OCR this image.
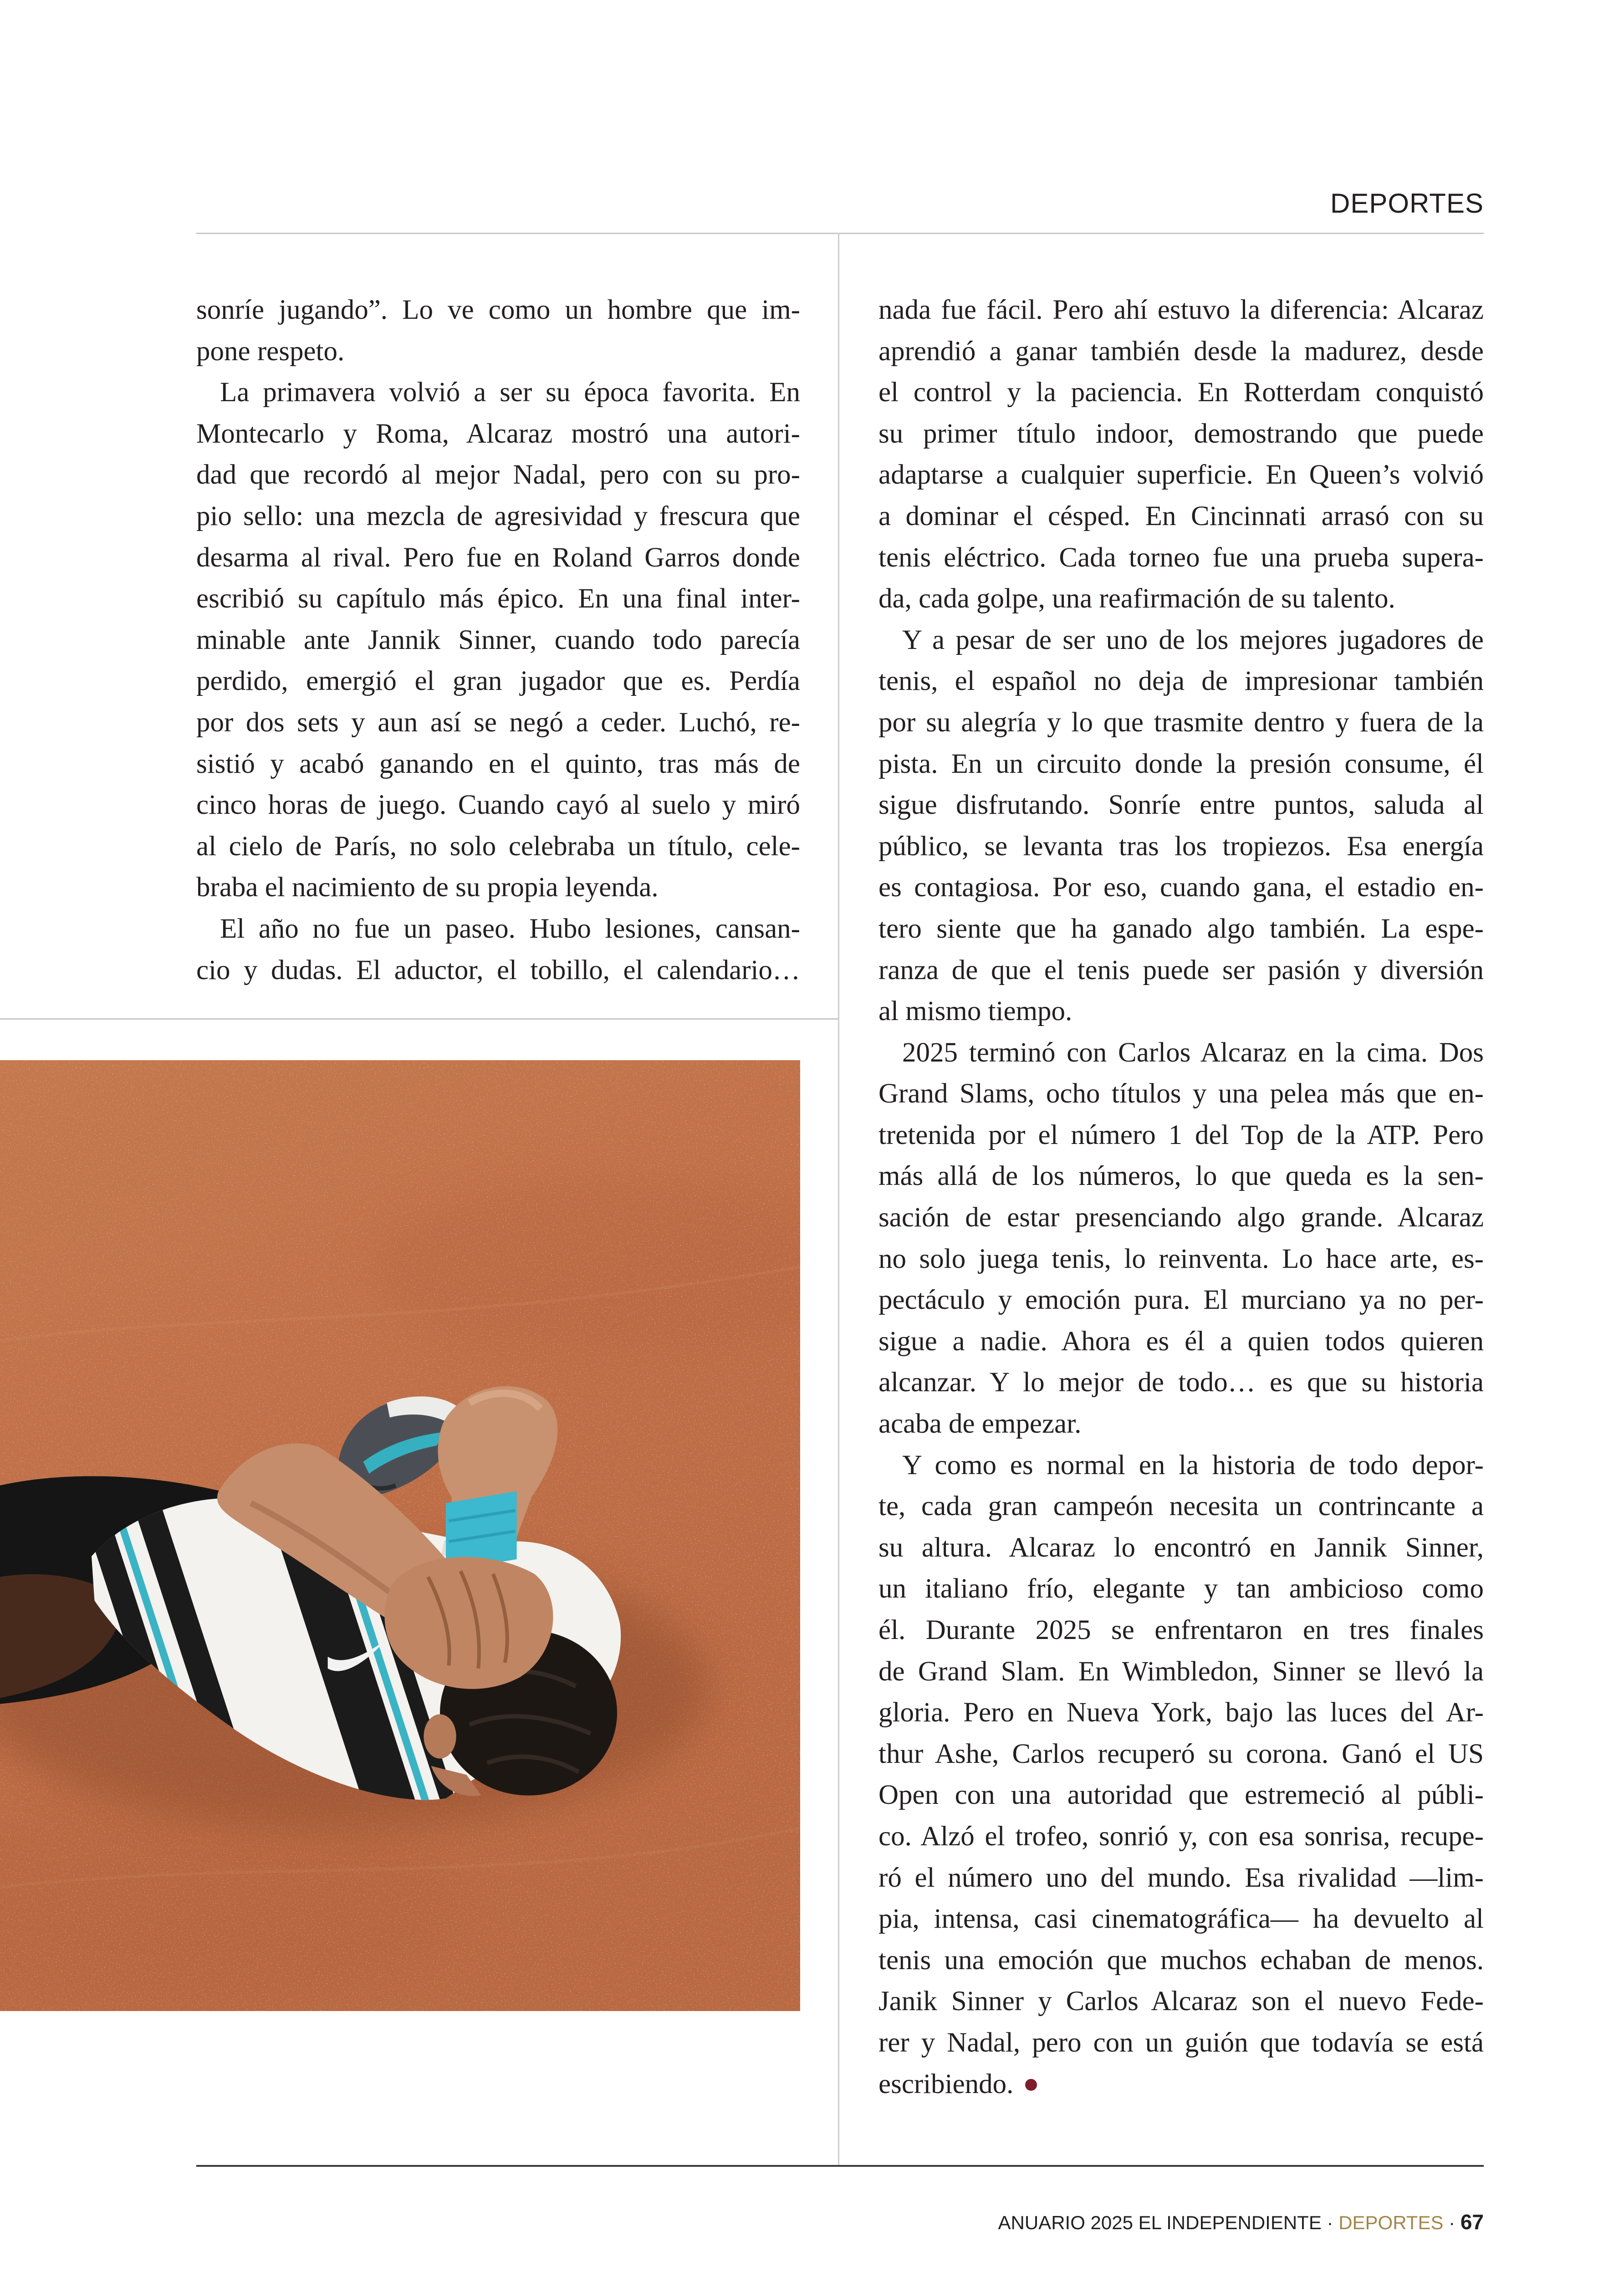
DEPORTES
sonríe jugando”. Lo ve como un hombre que im-
pone respeto.
La primavera volvió a ser su época favorita. En
Montecarlo y Roma, Alcaraz mostró una autori-
dad que recordó al mejor Nadal, pero con su pro-
pio sello: una mezcla de agresividad y frescura que
desarma al rival. Pero fue en Roland Garros donde
escribió su capítulo más épico. En una final inter-
minable ante Jannik Sinner, cuando todo parecía
perdido, emergió el gran jugador que es. Perdía
por dos sets y aun así se negó a ceder. Luchó, re-
sistió y acabó ganando en el quinto, tras más de
cinco horas de juego. Cuando cayó al suelo y miró
al cielo de París, no solo celebraba un título, cele-
braba el nacimiento de su propia leyenda.
El año no fue un paseo. Hubo lesiones, cansan-
cio y dudas. El aductor, el tobillo, el calendario…
nada fue fácil. Pero ahí estuvo la diferencia: Alcaraz
aprendió a ganar también desde la madurez, desde
el control y la paciencia. En Rotterdam conquistó
su primer título indoor, demostrando que puede
adaptarse a cualquier superficie. En Queen’s volvió
a dominar el césped. En Cincinnati arrasó con su
tenis eléctrico. Cada torneo fue una prueba supera-
da, cada golpe, una reafirmación de su talento.
Y a pesar de ser uno de los mejores jugadores de
tenis, el español no deja de impresionar también
por su alegría y lo que trasmite dentro y fuera de la
pista. En un circuito donde la presión consume, él
sigue disfrutando. Sonríe entre puntos, saluda al
público, se levanta tras los tropiezos. Esa energía
es contagiosa. Por eso, cuando gana, el estadio en-
tero siente que ha ganado algo también. La espe-
ranza de que el tenis puede ser pasión y diversión
al mismo tiempo.
2025 terminó con Carlos Alcaraz en la cima. Dos
Grand Slams, ocho títulos y una pelea más que en-
tretenida por el número 1 del Top de la ATP. Pero
más allá de los números, lo que queda es la sen-
sación de estar presenciando algo grande. Alcaraz
no solo juega tenis, lo reinventa. Lo hace arte, es-
pectáculo y emoción pura. El murciano ya no per-
sigue a nadie. Ahora es él a quien todos quieren
alcanzar. Y lo mejor de todo… es que su historia
acaba de empezar.
Y como es normal en la historia de todo depor-
te, cada gran campeón necesita un contrincante a
su altura. Alcaraz lo encontró en Jannik Sinner,
un italiano frío, elegante y tan ambicioso como
él. Durante 2025 se enfrentaron en tres finales
de Grand Slam. En Wimbledon, Sinner se llevó la
gloria. Pero en Nueva York, bajo las luces del Ar-
thur Ashe, Carlos recuperó su corona. Ganó el US
Open con una autoridad que estremeció al públi-
co. Alzó el trofeo, sonrió y, con esa sonrisa, recupe-
ró el número uno del mundo. Esa rivalidad —lim-
pia, intensa, casi cinematográfica— ha devuelto al
tenis una emoción que muchos echaban de menos.
Janik Sinner y Carlos Alcaraz son el nuevo Fede-
rer y Nadal, pero con un guión que todavía se está
escribiendo.
ANUARIO 2025 EL INDEPENDIENTE · DEPORTES · 67
